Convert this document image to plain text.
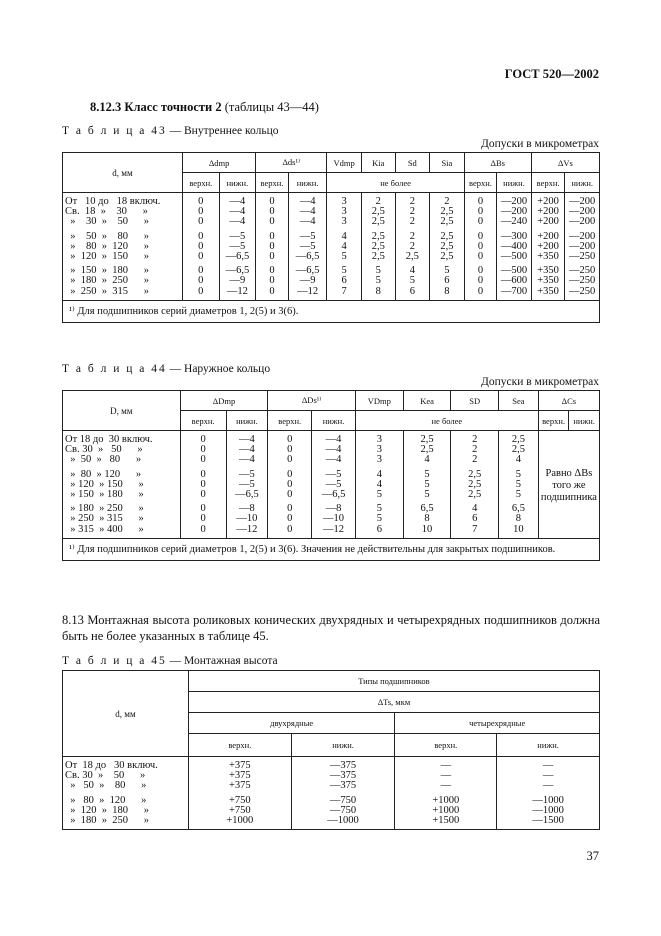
ГОСТ 520—2002
8.12.3 Класс точности 2 (таблицы 43—44)
Т а б л и ц а 43 — Внутреннее кольцо
Допуски в микрометрах
d, мм	Δdmp		Δds¹⁾		Vdmp	Kia	Sd	Sia	ΔBs		ΔVs	
	верхн.	нижн.	верхн.	нижн.	не более				верхн.	нижн.	верхн.	нижн.
От   10 до   18 включ.	0	—4	0	—4	3	2	2	2	0	—200	+200	—200
Св.  18  »    30      »	0	—4	0	—4	3	2,5	2	2,5	0	—200	+200	—200
»    30  »    50      »	0	—4	0	—4	3	2,5	2	2,5	0	—240	+200	—200
»    50  »    80      »	0	—5	0	—5	4	2,5	2	2,5	0	—300	+200	—200
»    80  »  120      »	0	—5	0	—5	4	2,5	2	2,5	0	—400	+200	—200
»  120  »  150      »	0	—6,5	0	—6,5	5	2,5	2,5	2,5	0	—500	+350	—250
»  150  »  180      »	0	—6,5	0	—6,5	5	5	4	5	0	—500	+350	—250
»  180  »  250      »	0	—9	0	—9	6	5	5	6	0	—600	+350	—250
»  250  »  315      »	0	—12	0	—12	7	8	6	8	0	—700	+350	—250
¹⁾ Для подшипников серий диаметров 1, 2(5) и 3(6).												
Т а б л и ц а 44 — Наружное кольцо
Допуски в микрометрах
D, мм	ΔDmp		ΔDs¹⁾		VDmp	Kea	SD	Sea	ΔCs	
	верхн.	нижн.	верхн.	нижн.	не более				верхн.	нижн.
От 18 до  30 включ.	0	—4	0	—4	3	2,5	2	2,5	Равно ΔBs того же подшипника	
Св. 30  »   50      »	0	—4	0	—4	3	2,5	2	2,5		
»  50  »   80      »	0	—4	0	—4	3	4	2	4		
»  80  » 120      »	0	—5	0	—5	4	5	2,5	5		
» 120  » 150      »	0	—5	0	—5	4	5	2,5	5		
» 150  » 180      »	0	—6,5	0	—6,5	5	5	2,5	5		
» 180  » 250      »	0	—8	0	—8	5	6,5	4	6,5		
» 250  » 315      »	0	—10	0	—10	5	8	6	8		
» 315  » 400      »	0	—12	0	—12	6	10	7	10		
¹⁾ Для подшипников серий диаметров 1, 2(5) и 3(6). Значения не действительны для закрытых подшипников.										
8.13 Монтажная высота роликовых конических двухрядных и четырехрядных подшипников должна быть не более указанных в таблице 45.
Т а б л и ц а 45 — Монтажная высота
d, мм	Типы подшипников			
	ΔTs, мкм			
	двухрядные		четырехрядные	
	верхн.	нижн.	верхн.	нижн.
От  18 до   30 включ.	+375	—375	—	—
Св. 30  »    50      »	+375	—375	—	—
»   50  »    80      »	+375	—375	—	—
»   80  »  120      »	+750	—750	+1000	—1000
»  120  »  180      »	+750	—750	+1000	—1000
»  180  »  250      »	+1000	—1000	+1500	—1500
37
